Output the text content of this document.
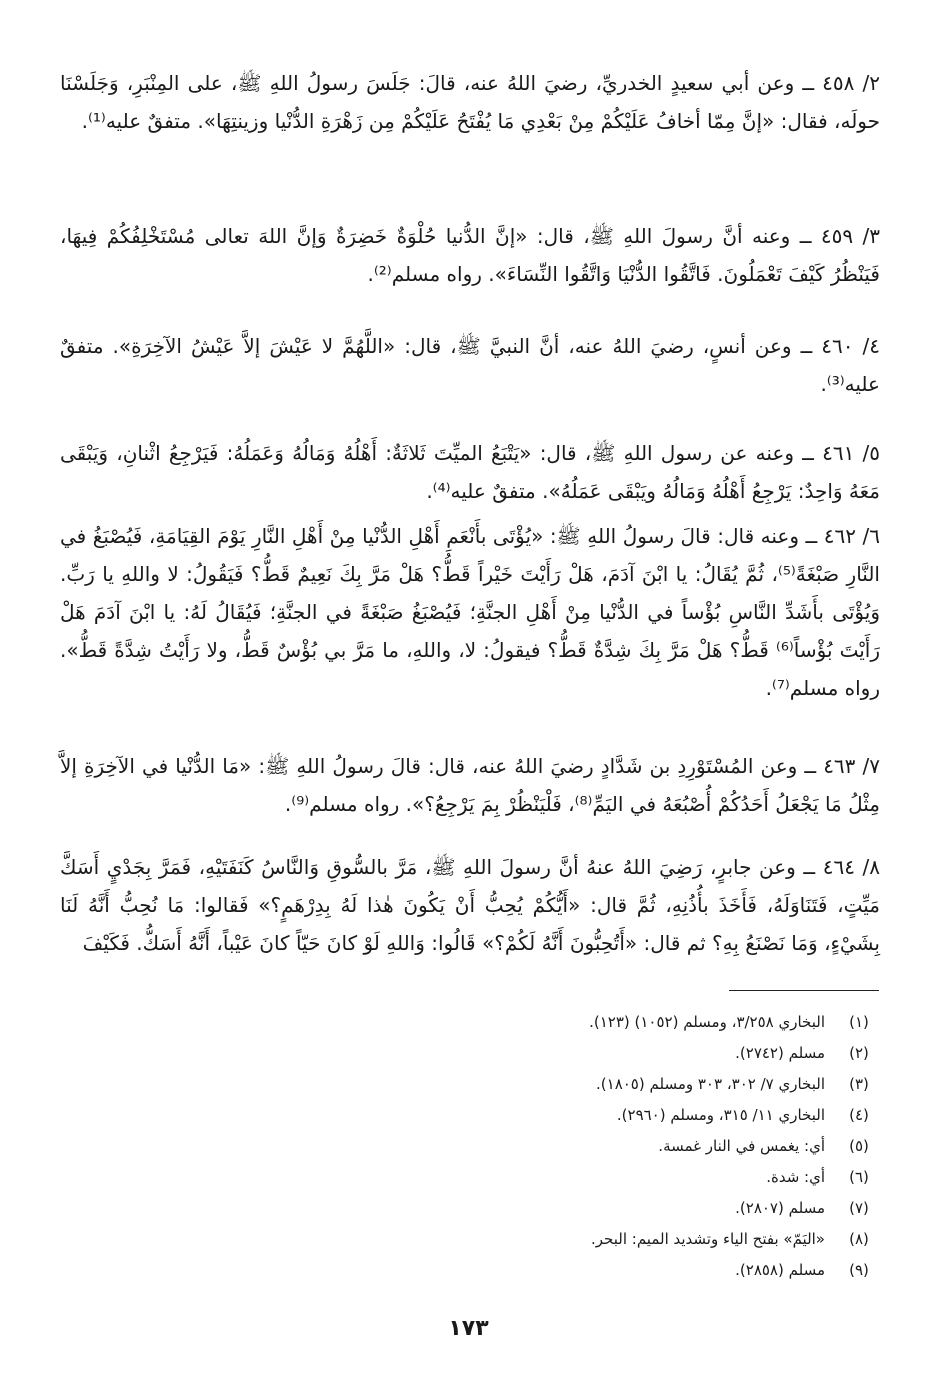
٢/ ٤٥٨ ــ وعن أبي سعيدٍ الخدريِّ، رضيَ اللهُ عنه، قالَ: جَلَسَ رسولُ اللهِ ﷺ، على المِنْبَرِ، وَجَلَسْنَا حولَه، فقال: «إنَّ مِمّا أخافُ عَلَيْكُمْ مِنْ بَعْدِي مَا يُفْتَحُ عَلَيْكُمْ مِن زَهْرَةِ الدُّنْيا وزينتِهَا». متفقٌ عليه⁽¹⁾.

٣/ ٤٥٩ ــ وعنه أنَّ رسولَ اللهِ ﷺ، قال: «إنَّ الدُّنيا حُلْوَةٌ خَضِرَةٌ وَإنَّ اللهَ تعالى مُسْتَخْلِفُكُمْ فِيهَا، فَيَنْظُرُ كَيْفَ تَعْمَلُونَ. فَاتَّقُوا الدُّنْيَا وَاتَّقُوا النِّسَاءَ». رواه مسلم⁽²⁾.

٤/ ٤٦٠ ــ وعن أنسٍ، رضيَ اللهُ عنه، أنَّ النبيَّ ﷺ، قال: «اللَّهُمَّ لا عَيْشَ إلاَّ عَيْشُ الآخِرَةِ». متفقٌ عليه⁽³⁾.

٥/ ٤٦١ ــ وعنه عن رسول اللهِ ﷺ، قال: «يَتْبَعُ الميِّتَ ثَلاثَةٌ: أَهْلُهُ وَمَالُهُ وَعَمَلُهُ: فَيَرْجِعُ اثْنانِ، وَيَبْقَى مَعَهُ وَاحِدٌ: يَرْجِعُ أَهْلُهُ وَمَالُهُ ويَبْقَى عَمَلُهُ». متفقٌ عليه⁽⁴⁾.

٦/ ٤٦٢ ــ وعنه قال: قالَ رسولُ اللهِ ﷺ: «يُؤْتَى بأَنْعَمِ أَهْلِ الدُّنْيا مِنْ أَهْلِ النَّارِ يَوْمَ القِيَامَةِ، فَيُصْبَغُ في النَّارِ صَبْغَةً⁽⁵⁾، ثُمَّ يُقَالُ: يا ابْنَ آدَمَ، هَلْ رَأَيْتَ خَيْراً قَطُّ؟ هَلْ مَرَّ بِكَ نَعِيمٌ قَطُّ؟ فَيَقُولُ: لا واللهِ يا رَبِّ. وَيُؤْتَى بأَشَدِّ النَّاسِ بُؤْساً في الدُّنْيا مِنْ أَهْلِ الجنَّةِ؛ فَيُصْبَغُ صَبْغَةً في الجنَّةِ؛ فَيُقَالُ لَهُ: يا ابْنَ آدَمَ هَلْ رَأَيْتَ بُؤْساً⁽⁶⁾ قَطُّ؟ هَلْ مَرَّ بِكَ شِدَّةٌ قَطُّ؟ فيقولُ: لا، واللهِ، ما مَرَّ بي بُؤْسٌ قَطُّ، ولا رَأَيْتُ شِدَّةً قَطُّ». رواه مسلم⁽⁷⁾.

٧/ ٤٦٣ ــ وعن المُسْتَوْرِدِ بن شَدَّادٍ رضيَ اللهُ عنه، قال: قالَ رسولُ اللهِ ﷺ: «مَا الدُّنْيا في الآخِرَةِ إلاَّ مِثْلُ مَا يَجْعَلُ أَحَدُكُمْ أُصْبُعَهُ في اليَمِّ⁽⁸⁾، فَلْيَنْظُرْ بِمَ يَرْجِعُ؟». رواه مسلم⁽⁹⁾.

٨/ ٤٦٤ ــ وعن جابرٍ، رَضِيَ اللهُ عنهُ أنَّ رسولَ اللهِ ﷺ، مَرَّ بالسُّوقِ وَالنَّاسُ كَنَفَتَيْهِ، فَمَرَّ بِجَدْيٍ أَسَكَّ مَيِّتٍ، فَتَنَاوَلَهُ، فَأَخَذَ بأُذُنِهِ، ثُمَّ قال: «أَيُّكُمْ يُحِبُّ أَنْ يَكُونَ هٰذا لَهُ بِدِرْهَمٍ؟» فَقالوا: مَا نُحِبُّ أَنَّهُ لَنَا بِشَيْءٍ، وَمَا نَصْنَعُ بِهِ؟ ثم قال: «أَتُحِبُّونَ أَنَّهُ لَكُمْ؟» قَالُوا: وَاللهِ لَوْ كانَ حَيّاً كانَ عَيْباً، أَنَّهُ أَسَكُّ. فَكَيْفَ

(١)
البخاري ٣/٢٥٨، ومسلم (١٠٥٢) (١٢٣).
(٢)
مسلم (٢٧٤٢).
(٣)
البخاري ٧/ ٣٠٢، ٣٠٣ ومسلم (١٨٠٥).
(٤)
البخاري ١١/ ٣١٥، ومسلم (٢٩٦٠).
(٥)
أي: يغمس في النار غمسة.
(٦)
أي: شدة.
(٧)
مسلم (٢٨٠٧).
(٨)
«اليَمّ» بفتح الياء وتشديد الميم: البحر.
(٩)
مسلم (٢٨٥٨).
١٧٣
